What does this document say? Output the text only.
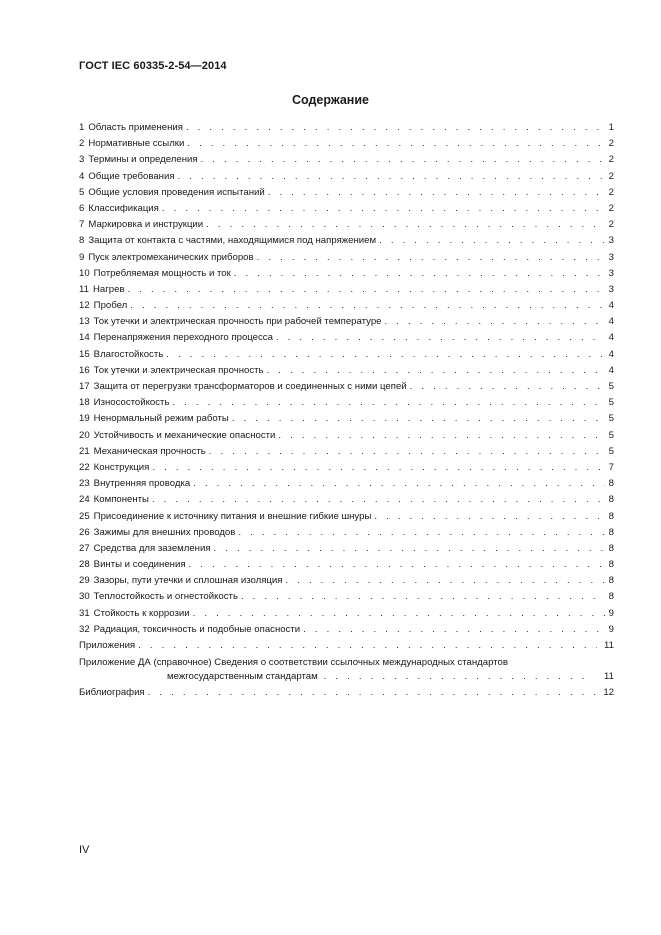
ГОСТ IEC 60335-2-54—2014
Содержание
1 Область применения . . .	1
2 Нормативные ссылки . . .	2
3 Термины и определения . . .	2
4 Общие требования . . .	2
5 Общие условия проведения испытаний . . .	2
6 Классификация . . .	2
7 Маркировка и инструкции . . .	2
8 Защита от контакта с частями, находящимися под напряжением . . .	3
9 Пуск электромеханических приборов . . .	3
10 Потребляемая мощность и ток . . .	3
11 Нагрев . . .	3
12 Пробел . . .	4
13 Ток утечки и электрическая прочность при рабочей температуре . . .	4
14 Перенапряжения переходного процесса . . .	4
15 Влагостойкость . . .	4
16 Ток утечки и электрическая прочность . . .	4
17 Защита от перегрузки трансформаторов и соединенных с ними цепей . . .	5
18 Износостойкость . . .	5
19 Ненормальный режим работы . . .	5
20 Устойчивость и механические опасности . . .	5
21 Механическая прочность . . .	5
22 Конструкция . . .	7
23 Внутренняя проводка . . .	8
24 Компоненты . . .	8
25 Присоединение к источнику питания и внешние гибкие шнуры . . .	8
26 Зажимы для внешних проводов . . .	8
27 Средства для заземления . . .	8
28 Винты и соединения . . .	8
29 Зазоры, пути утечки и сплошная изоляция . . .	8
30 Теплостойкость и огнестойкость . . .	8
31 Стойкость к коррозии . . .	9
32 Радиация, токсичность и подобные опасности . . .	9
Приложения . . .	11
Приложение ДА (справочное) Сведения о соответствии ссылочных международных стандартов
межгосударственным стандартам . . .	11
Библиография . . .	12
IV
